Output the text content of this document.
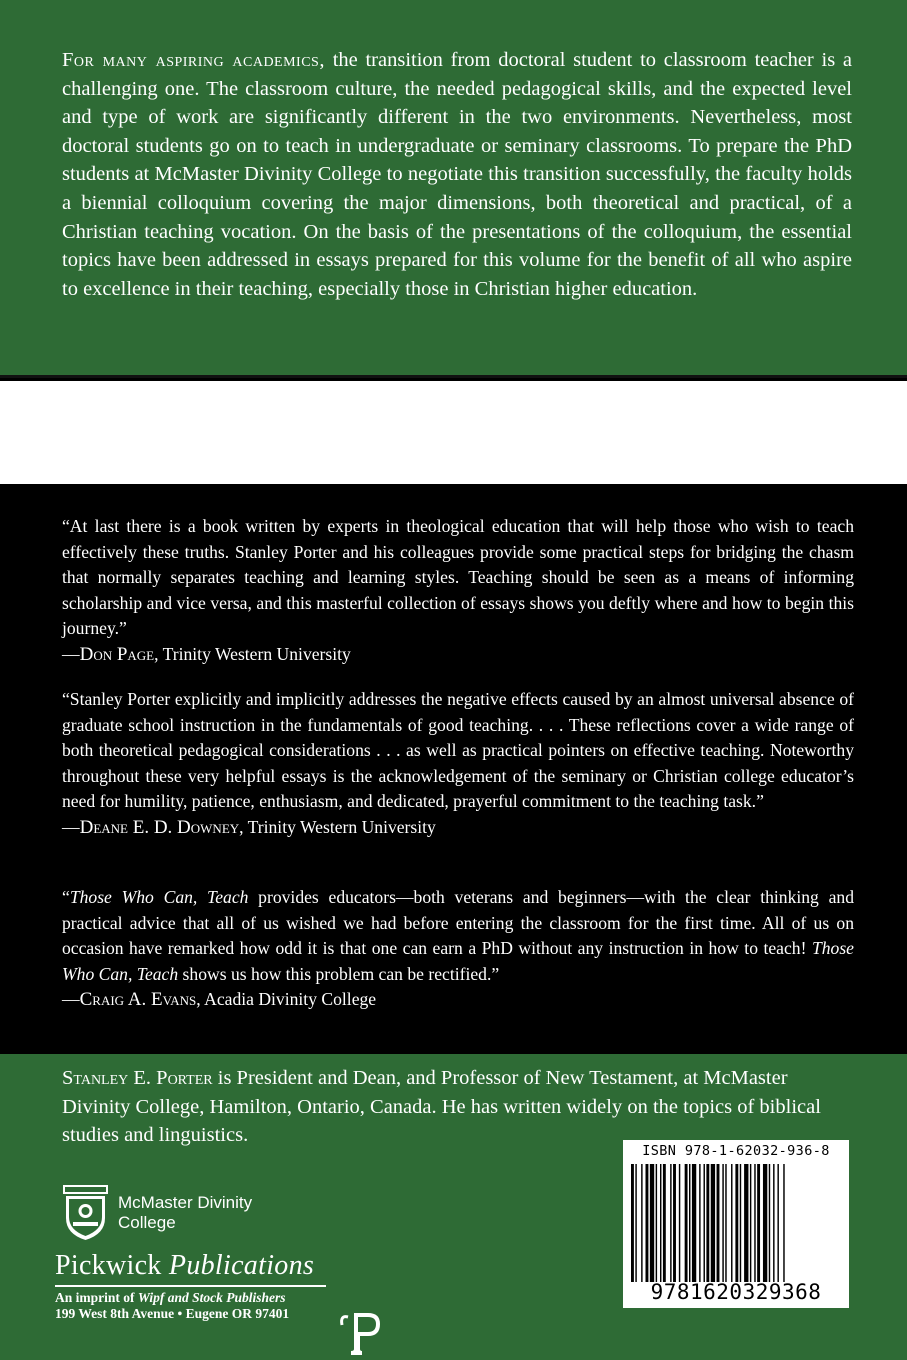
For many aspiring academics, the transition from doctoral student to classroom teacher is a challenging one. The classroom culture, the needed pedagogical skills, and the expected level and type of work are significantly different in the two environments. Nevertheless, most doctoral students go on to teach in undergraduate or seminary classrooms. To prepare the PhD students at McMaster Divinity College to negotiate this transition successfully, the faculty holds a biennial colloquium covering the major dimensions, both theoretical and practical, of a Christian teaching vocation. On the basis of the presentations of the colloquium, the essential topics have been addressed in essays prepared for this volume for the benefit of all who aspire to excellence in their teaching, especially those in Christian higher education.

“At last there is a book written by experts in theological education that will help those who wish to teach effectively these truths. Stanley Porter and his colleagues provide some practical steps for bridging the chasm that normally separates teaching and learning styles. Teaching should be seen as a means of informing scholarship and vice versa, and this masterful collection of essays shows you deftly where and how to begin this journey.”
—Don Page, Trinity Western University

“Stanley Porter explicitly and implicitly addresses the negative effects caused by an almost universal absence of graduate school instruction in the fundamentals of good teaching. . . . These reflections cover a wide range of both theoretical pedagogical considerations . . . as well as practical pointers on effective teaching. Noteworthy throughout these very helpful essays is the acknowledgement of the seminary or Christian college educator’s need for humility, patience, enthusiasm, and dedicated, prayerful commitment to the teaching task.”
—Deane E. D. Downey, Trinity Western University

“Those Who Can, Teach provides educators—both veterans and beginners—with the clear thinking and practical advice that all of us wished we had before entering the classroom for the first time. All of us on occasion have remarked how odd it is that one can earn a PhD without any instruction in how to teach! Those Who Can, Teach shows us how this problem can be rectified.”
—Craig A. Evans, Acadia Divinity College

Stanley E. Porter is President and Dean, and Professor of New Testament, at McMaster Divinity College, Hamilton, Ontario, Canada. He has written widely on the topics of biblical studies and linguistics.

McMaster Divinity
College
Pickwick Publications
An imprint of Wipf and Stock Publishers
199 West 8th Avenue • Eugene OR 97401
ISBN 978-1-62032-936-8
9781620329368
